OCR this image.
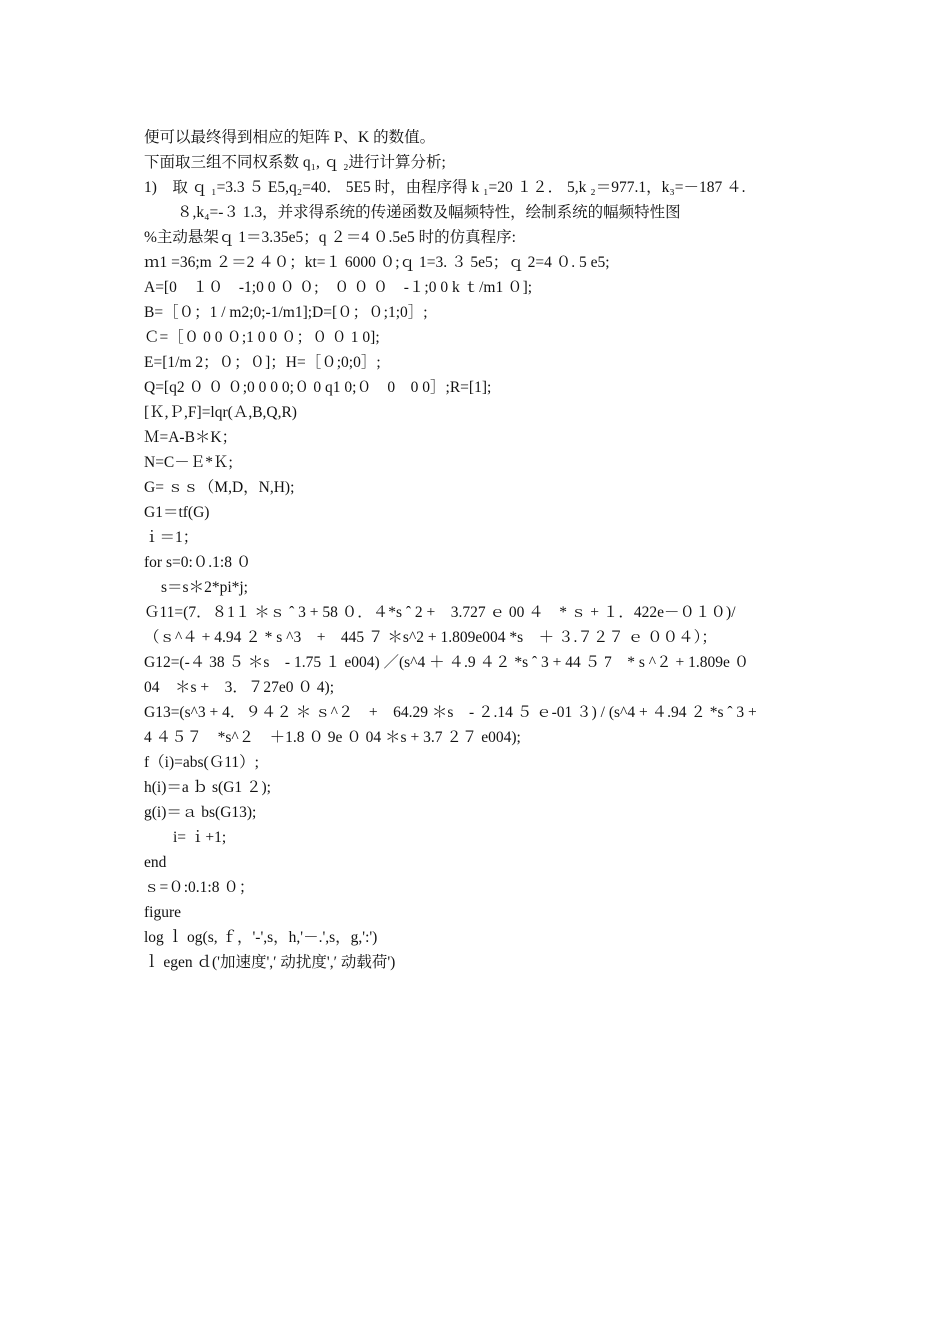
便可以最终得到相应的矩阵 P、K 的数值。
下面取三组不同权系数 q₁, ｑ ₂进行计算分析;
1)　取 ｑ ₁=3.3 ５ E5,q₂=40． 5E5 时，由程序得 k ₁=20 １２． 5,k ₂＝977.1，k₃=－187 ４.
８,k₄=-３ 1.3，并求得系统的传递函数及幅频特性，绘制系统的幅频特性图
%主动悬架ｑ 1＝3.35e5；q ２＝4 ０.5e5 时的仿真程序:
ｍ1 =36;m ２＝2 ４０；kt=１ 6000 ０;ｑ 1=3. ３ 5e5；ｑ 2=4 ０. 5 e5;
A=[0　１０　-1;0 0 ０ ０;　０ ０ ０　-１;0 0 k ｔ/m1 ０];
B=［０；1 / m2;0;-1/m1];D=[０；０;1;0］;
Ｃ=［０ 0 0 ０;1 0 0 ０；０ ０ 1 0];
E=[1/m 2；０；０]；H=［０;0;0］;
Q=[q2 ０ ０ ０;0 0 0 0;０ 0 q1 0;０　0　0 0］;R=[1];
[Ｋ,Ｐ,F]=lqr(Ａ,B,Q,R)
Ｍ=A-B＊K；
N=C－Ｅ*Ｋ;
G= ｓｓ（M,D，N,H);
G1＝tf(G)
ｉ＝1；
for s=0:０.1:8 ０
s＝s＊2*pi*j;
Ｇ11=(7．８1１ ＊ｓ ˆ 3 + 58 ０．４*s ˆ 2 +　3.727 ｅ 00 ４　* ｓ + １．422e－０１０)/
（ｓ^４ + 4.94 ２ * s ^3　+　445 ７ ＊s^2 + 1.809e004 *s　＋ ３.７２７ ｅ ００４）；
G12=(-４ 38 ５ ＊s　- 1.75 １ e004) ／(s^4 ＋ ４.9 ４２ *s ˆ 3 + 44 ５ 7　* s ^２ + 1.809e ０
04　＊s +　3．７27e0 ０ 4);
G13=(s^3 + 4．９４２ ＊ ｓ^２　+　64.29 ＊s　- ２.14 ５ ｅ-01 ３) / (s^4 + ４.94 ２ *s ˆ 3 +
4 ４５７　*s^２　＋1.8 ０ 9e ０ 04 ＊s + 3.7 ２７ e004);
f（i)=abs(Ｇ11）;
h(i)＝a ｂ s(G1 ２);
g(i)＝ａ bs(G13);
i= ｉ+1;
end
ｓ=０:0.1:8 ０；
figure
log ｌ og(s, ｆ，'-',s，h,'－.',s，g,':')
ｌ egen ｄ('加速度',′ 动扰度',′ 动载荷')
